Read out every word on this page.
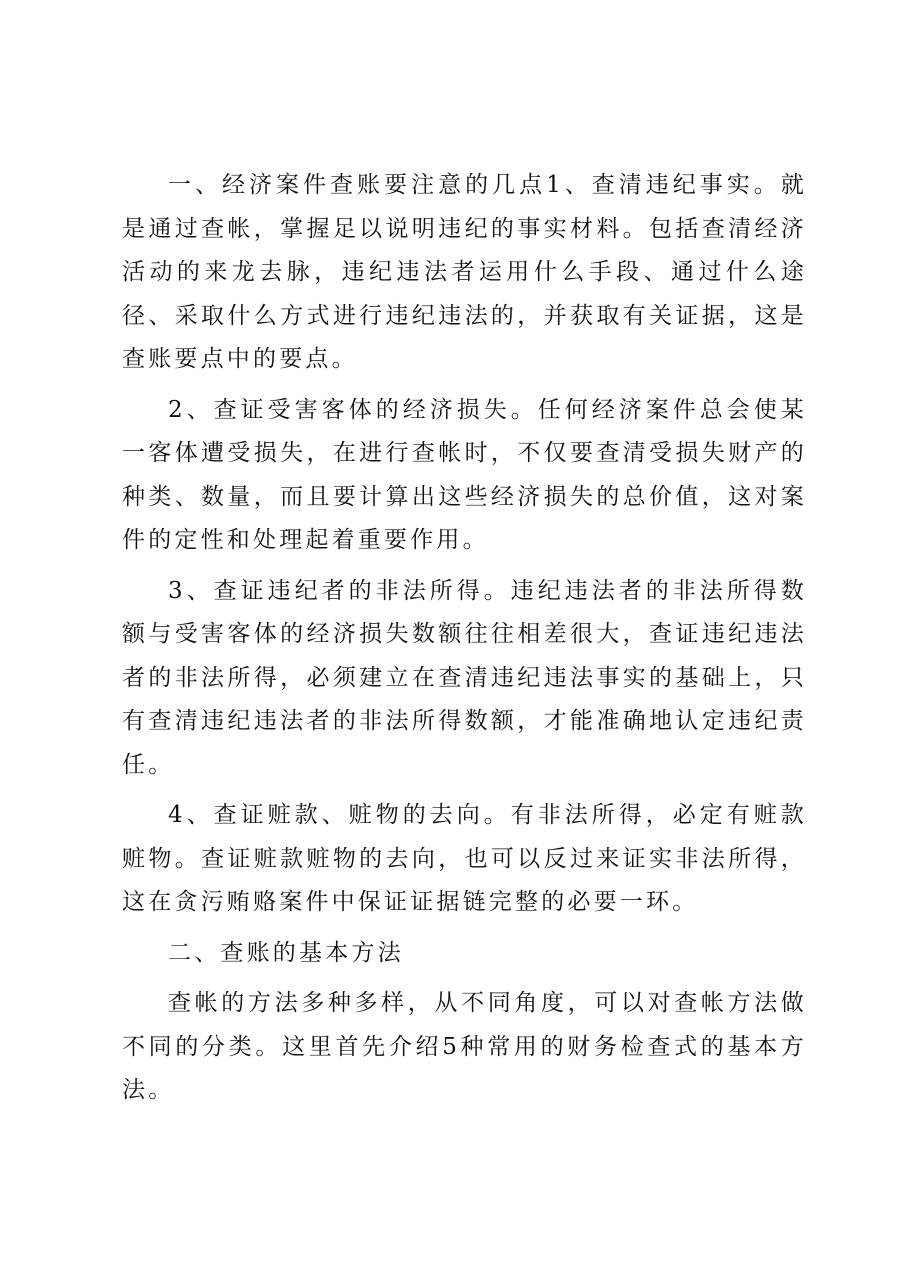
一、经济案件查账要注意的几点1、查清违纪事实。就是通过查帐，掌握足以说明违纪的事实材料。包括查清经济活动的来龙去脉，违纪违法者运用什么手段、通过什么途径、采取什么方式进行违纪违法的，并获取有关证据，这是查账要点中的要点。

2、查证受害客体的经济损失。任何经济案件总会使某一客体遭受损失，在进行查帐时，不仅要查清受损失财产的种类、数量，而且要计算出这些经济损失的总价值，这对案件的定性和处理起着重要作用。

3、查证违纪者的非法所得。违纪违法者的非法所得数额与受害客体的经济损失数额往往相差很大，查证违纪违法者的非法所得，必须建立在查清违纪违法事实的基础上，只有查清违纪违法者的非法所得数额，才能准确地认定违纪责任。

4、查证赃款、赃物的去向。有非法所得，必定有赃款赃物。查证赃款赃物的去向，也可以反过来证实非法所得，这在贪污贿赂案件中保证证据链完整的必要一环。

二、查账的基本方法

查帐的方法多种多样，从不同角度，可以对查帐方法做不同的分类。这里首先介绍5种常用的财务检查式的基本方法。
